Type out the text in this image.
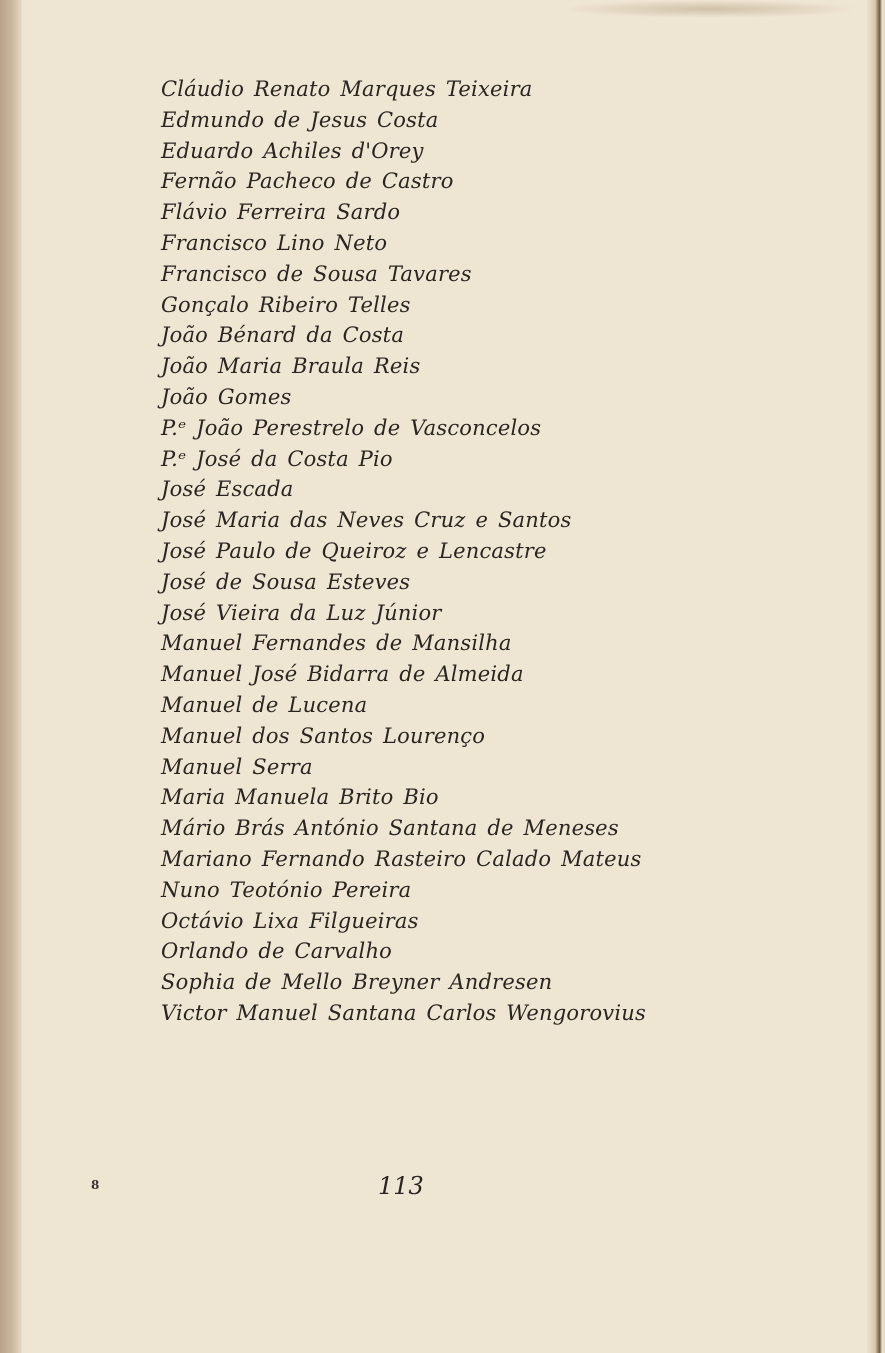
Cláudio Renato Marques Teixeira
Edmundo de Jesus Costa
Eduardo Achiles d'Orey
Fernão Pacheco de Castro
Flávio Ferreira Sardo
Francisco Lino Neto
Francisco de Sousa Tavares
Gonçalo Ribeiro Telles
João Bénard da Costa
João Maria Braula Reis
João Gomes
P.ᵉ João Perestrelo de Vasconcelos
P.ᵉ José da Costa Pio
José Escada
José Maria das Neves Cruz e Santos
José Paulo de Queiroz e Lencastre
José de Sousa Esteves
José Vieira da Luz Júnior
Manuel Fernandes de Mansilha
Manuel José Bidarra de Almeida
Manuel de Lucena
Manuel dos Santos Lourenço
Manuel Serra
Maria Manuela Brito Bio
Mário Brás António Santana de Meneses
Mariano Fernando Rasteiro Calado Mateus
Nuno Teotónio Pereira
Octávio Lixa Filgueiras
Orlando de Carvalho
Sophia de Mello Breyner Andresen
Victor Manuel Santana Carlos Wengorovius
8	113
